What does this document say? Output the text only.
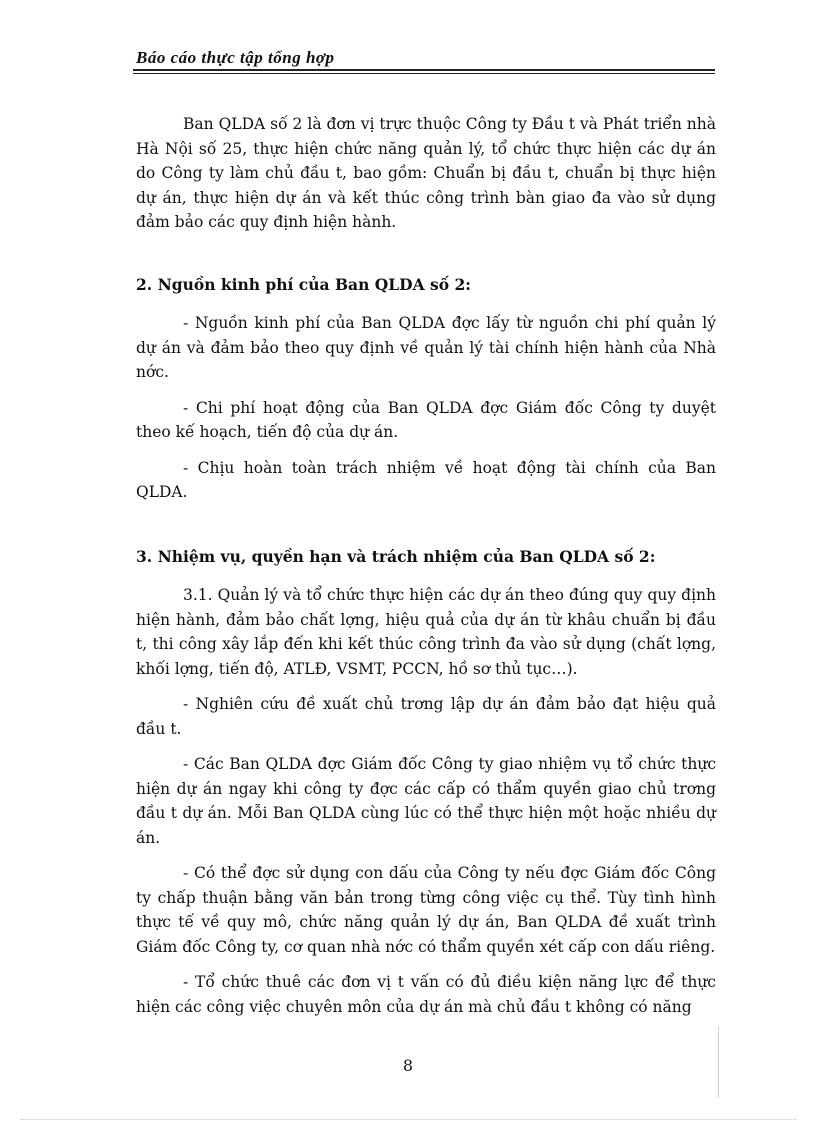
Báo cáo thực tập tổng hợp

Ban QLDA số 2 là đơn vị trực thuộc Công ty Đầu t và Phát triển nhà Hà Nội số 25, thực hiện chức năng quản lý, tổ chức thực hiện các dự án do Công ty làm chủ đầu t, bao gồm: Chuẩn bị đầu t, chuẩn bị thực hiện dự án, thực hiện dự án và kết thúc công trình bàn giao đa vào sử dụng đảm bảo các quy định hiện hành.

2. Nguồn kinh phí của Ban QLDA số 2:

- Nguồn kinh phí của Ban QLDA đợc lấy từ nguồn chi phí quản lý dự án và đảm bảo theo quy định về quản lý tài chính hiện hành của Nhà nớc.

- Chi phí hoạt động của Ban QLDA đợc Giám đốc Công ty duyệt theo kế hoạch, tiến độ của dự án.

- Chịu hoàn toàn trách nhiệm về hoạt động tài chính của Ban QLDA.

3. Nhiệm vụ, quyền hạn và trách nhiệm của Ban QLDA số 2:

3.1. Quản lý và tổ chức thực hiện các dự án theo đúng quy quy định hiện hành, đảm bảo chất lợng, hiệu quả của dự án từ khâu chuẩn bị đầu t, thi công xây lắp đến khi kết thúc công trình đa vào sử dụng (chất lợng, khối lợng, tiến độ, ATLĐ, VSMT, PCCN, hồ sơ thủ tục…).

- Nghiên cứu đề xuất chủ trơng lập dự án đảm bảo đạt hiệu quả đầu t.

- Các Ban QLDA đợc Giám đốc Công ty giao nhiệm vụ tổ chức thực hiện dự án ngay khi công ty đợc các cấp có thẩm quyền giao chủ trơng đầu t dự án. Mỗi Ban QLDA cùng lúc có thể thực hiện một hoặc nhiều dự án.

- Có thể đợc sử dụng con dấu của Công ty nếu đợc Giám đốc Công ty chấp thuận bằng văn bản trong từng công việc cụ thể. Tùy tình hình thực tế về quy mô, chức năng quản lý dự án, Ban QLDA đề xuất trình Giám đốc Công ty, cơ quan nhà nớc có thẩm quyền xét cấp con dấu riêng.

- Tổ chức thuê các đơn vị t vấn có đủ điều kiện năng lực để thực hiện các công việc chuyên môn của dự án mà chủ đầu t không có năng

8
